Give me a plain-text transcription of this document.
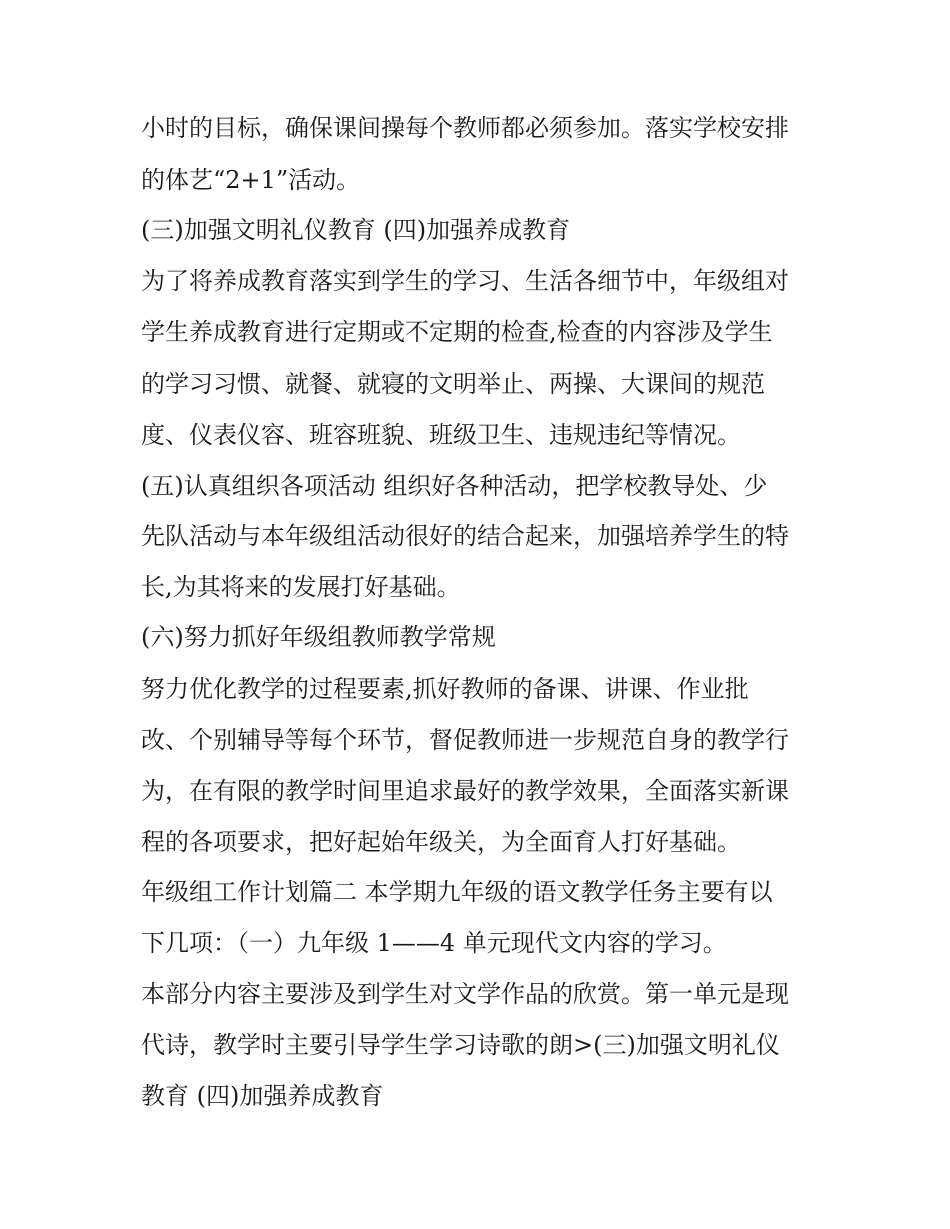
小时的目标，确保课间操每个教师都必须参加。落实学校安排
的体艺“2+1”活动。
(三)加强文明礼仪教育 (四)加强养成教育
为了将养成教育落实到学生的学习、生活各细节中，年级组对
学生养成教育进行定期或不定期的检查,检查的内容涉及学生
的学习习惯、就餐、就寝的文明举止、两操、大课间的规范
度、仪表仪容、班容班貌、班级卫生、违规违纪等情况。
(五)认真组织各项活动 组织好各种活动，把学校教导处、少
先队活动与本年级组活动很好的结合起来，加强培养学生的特
长,为其将来的发展打好基础。
(六)努力抓好年级组教师教学常规
努力优化教学的过程要素,抓好教师的备课、讲课、作业批
改、个别辅导等每个环节，督促教师进一步规范自身的教学行
为，在有限的教学时间里追求最好的教学效果，全面落实新课
程的各项要求，把好起始年级关，为全面育人打好基础。
年级组工作计划篇二 本学期九年级的语文教学任务主要有以
下几项：（一）九年级 1——4 单元现代文内容的学习。
本部分内容主要涉及到学生对文学作品的欣赏。第一单元是现
代诗，教学时主要引导学生学习诗歌的朗>(三)加强文明礼仪
教育 (四)加强养成教育
